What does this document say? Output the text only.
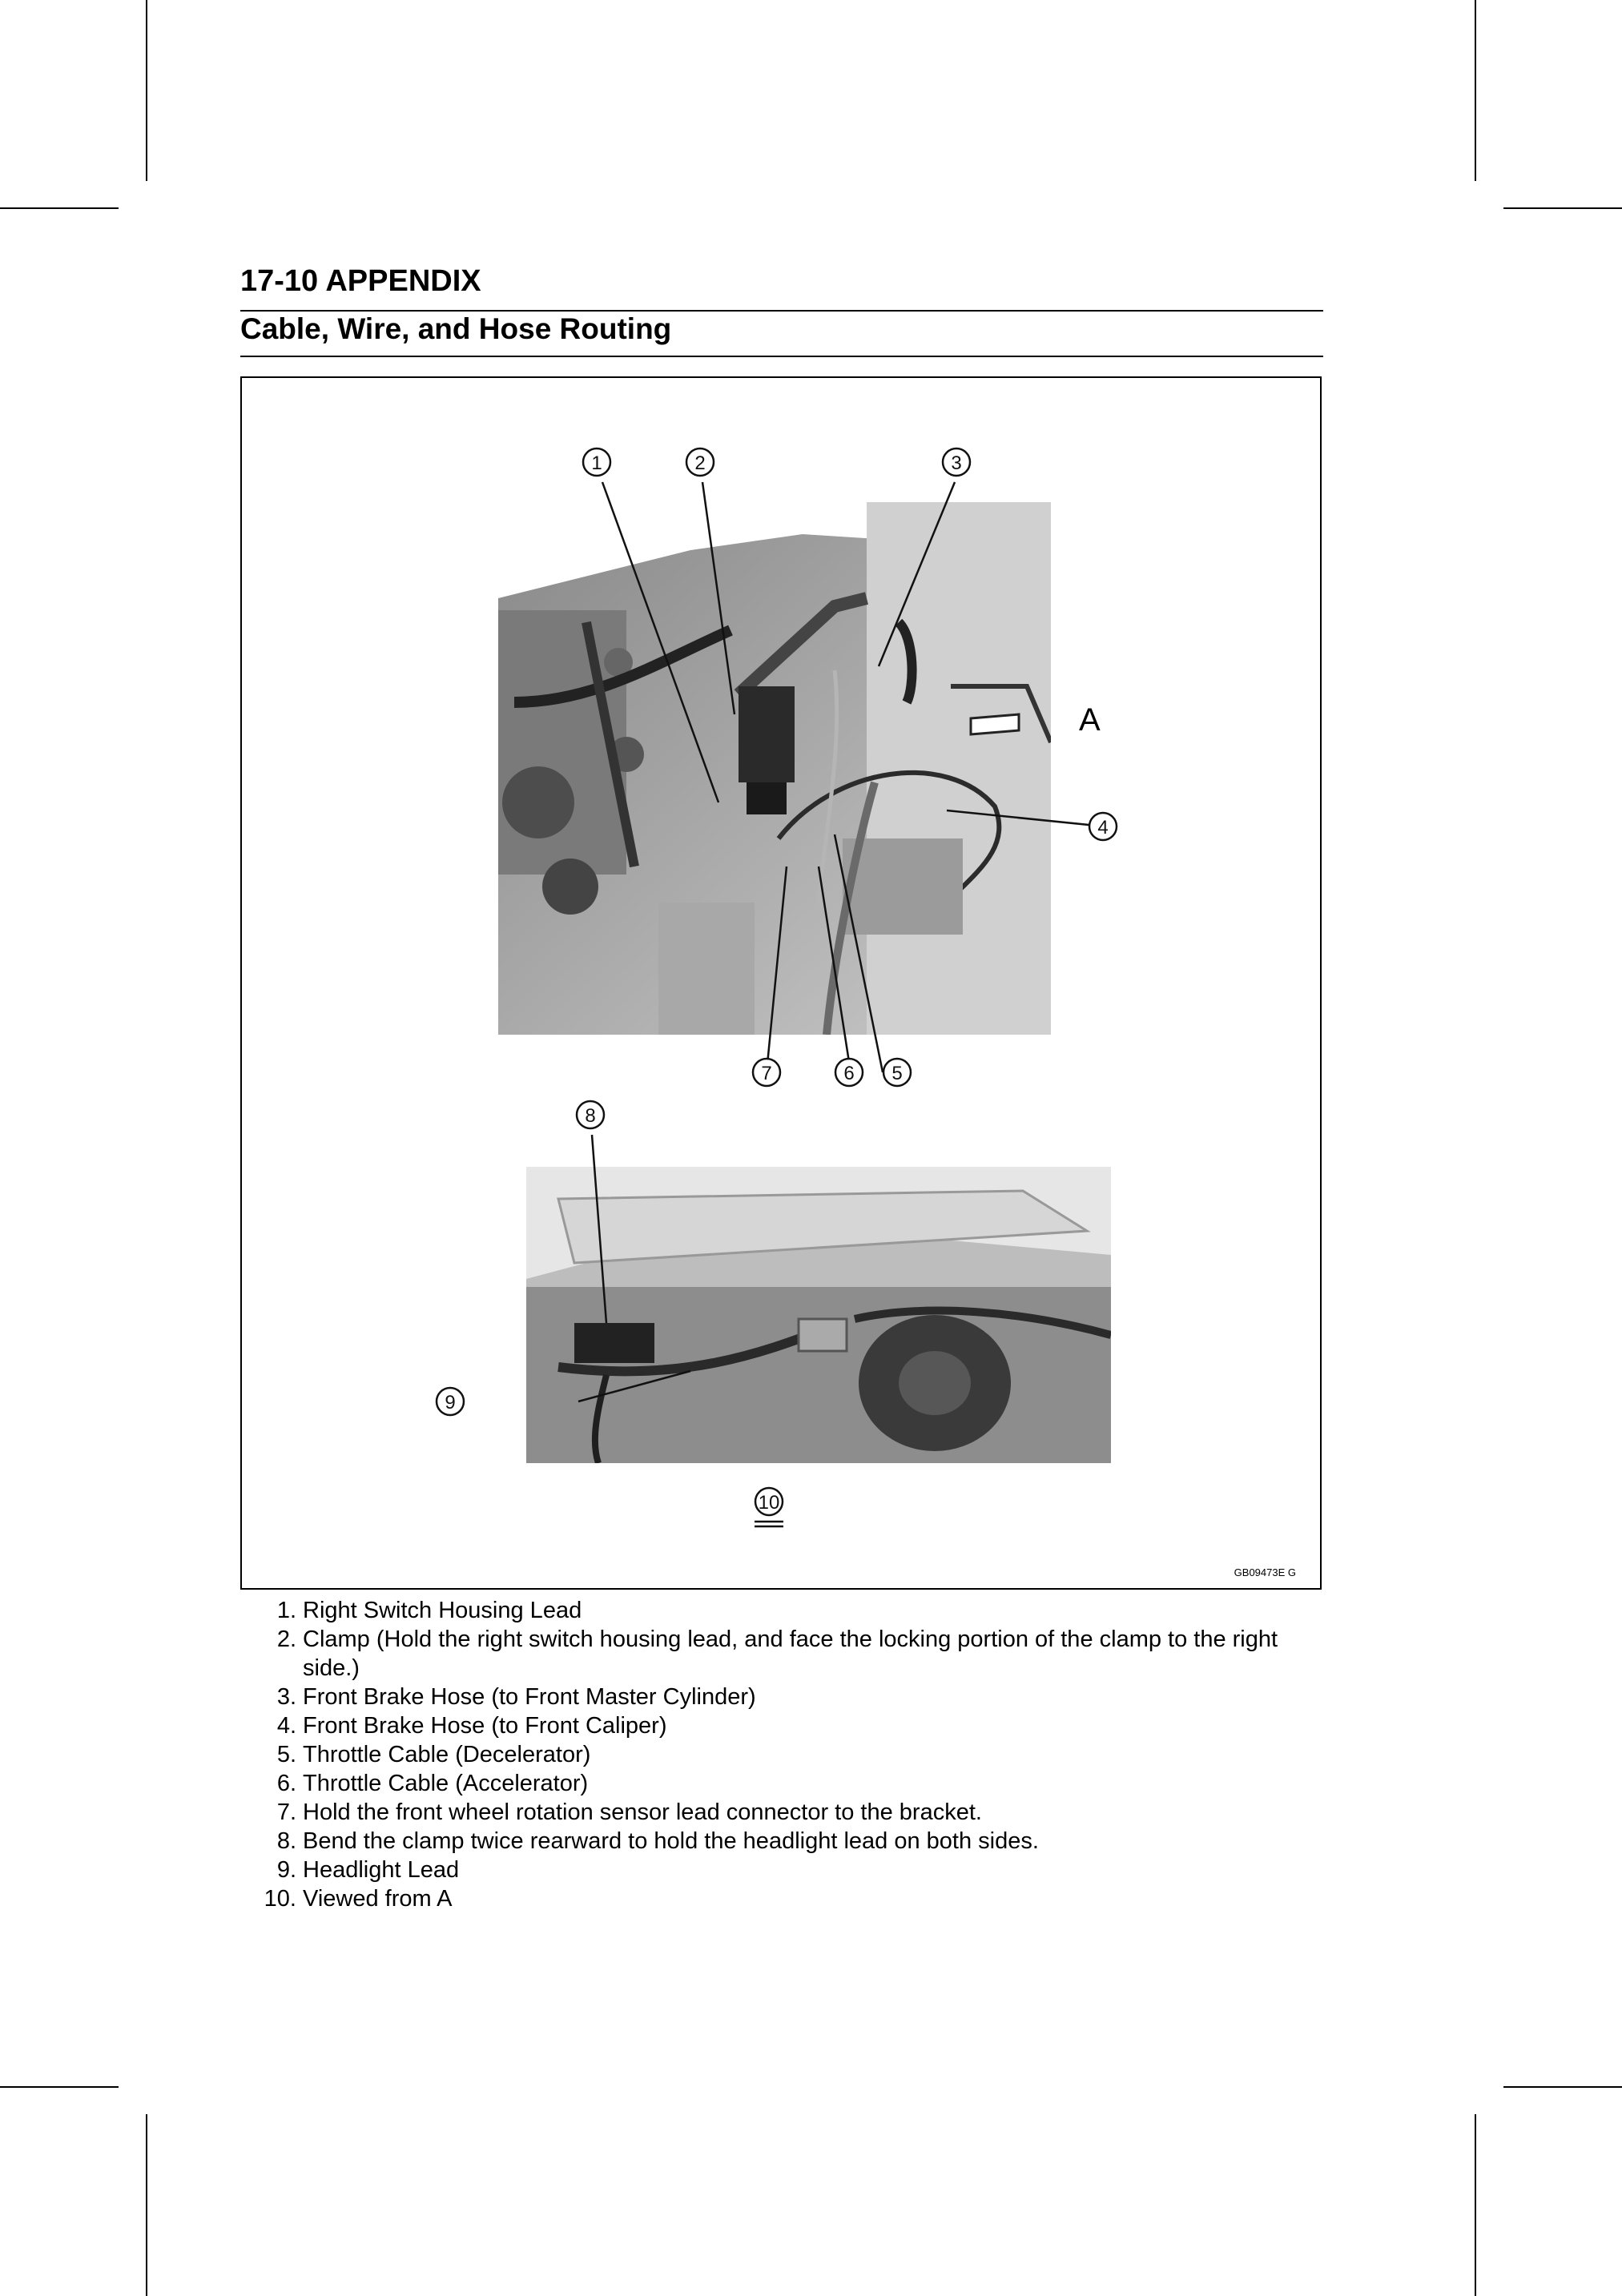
17-10 APPENDIX
Cable, Wire, and Hose Routing
1	2	3
4
5
6
7
8
9
10
A
GB09473E G
1. Right Switch Housing Lead
2. Clamp (Hold the right switch housing lead, and face the locking portion of the clamp to the right side.)
3. Front Brake Hose (to Front Master Cylinder)
4. Front Brake Hose (to Front Caliper)
5. Throttle Cable (Decelerator)
6. Throttle Cable (Accelerator)
7. Hold the front wheel rotation sensor lead connector to the bracket.
8. Bend the clamp twice rearward to hold the headlight lead on both sides.
9. Headlight Lead
10. Viewed from A
